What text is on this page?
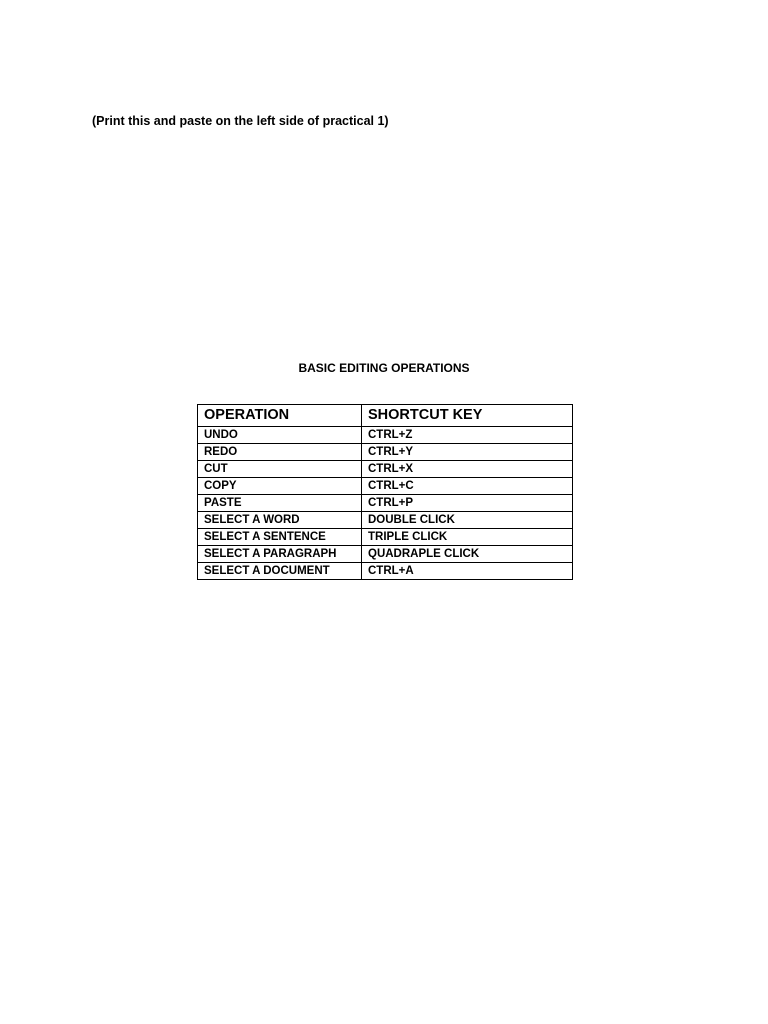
(Print this and paste on the left side of practical 1)
BASIC EDITING OPERATIONS
OPERATION	SHORTCUT KEY
UNDO	CTRL+Z
REDO	CTRL+Y
CUT	CTRL+X
COPY	CTRL+C
PASTE	CTRL+P
SELECT A WORD	DOUBLE CLICK
SELECT A SENTENCE	TRIPLE CLICK
SELECT A PARAGRAPH	QUADRAPLE CLICK
SELECT A DOCUMENT	CTRL+A
